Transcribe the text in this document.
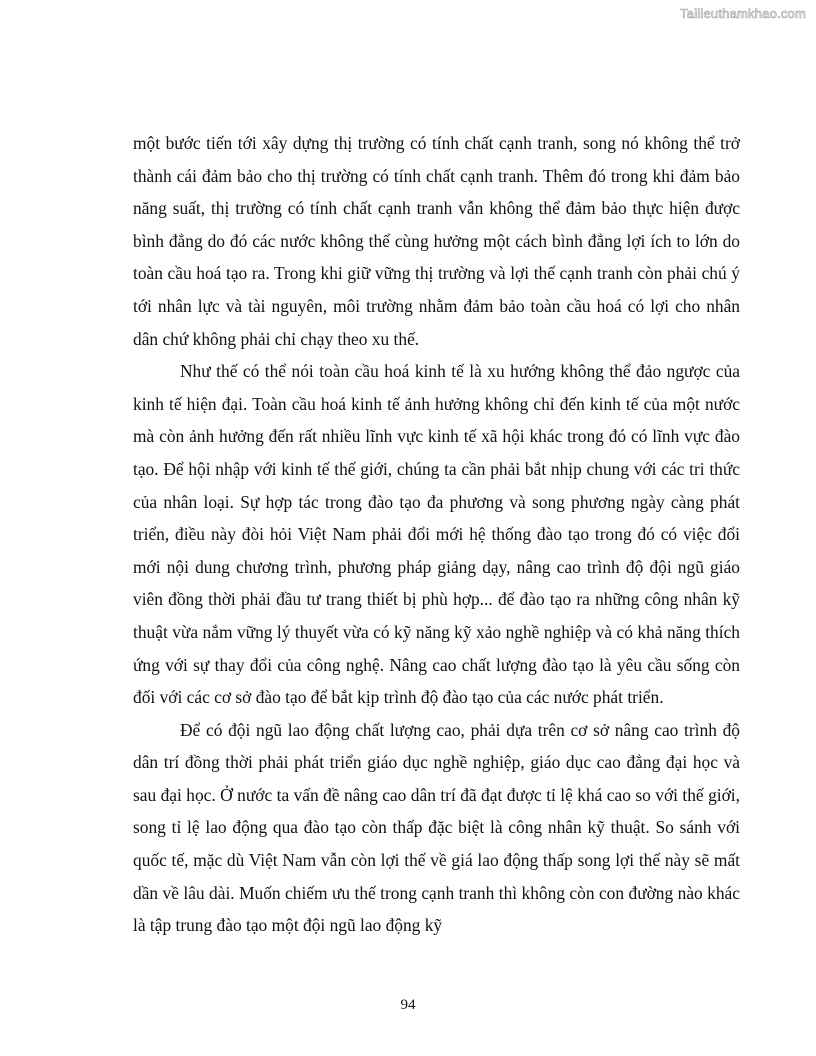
Tailieuthamkhao.com

một bước tiến tới xây dựng thị trường có tính chất cạnh tranh, song nó không thể trở thành cái đảm bảo cho thị trường có tính chất cạnh tranh. Thêm đó trong khi đảm bảo năng suất, thị trường có tính chất cạnh tranh vẫn không thể đảm bảo thực hiện được bình đẳng do đó các nước không thể cùng hưởng một cách bình đẳng lợi ích to lớn do toàn cầu hoá tạo ra. Trong khi giữ vững thị trường và lợi thế cạnh tranh còn phải chú ý tới nhân lực và tài nguyên, môi trường nhằm đảm bảo toàn cầu hoá có lợi cho nhân dân chứ không phải chỉ chạy theo xu thế.

Như thế có thể nói toàn cầu hoá kinh tế là xu hướng không thể đảo ngược của kinh tế hiện đại. Toàn cầu hoá kinh tế ảnh hưởng không chỉ đến kinh tế của một nước mà còn ảnh hưởng đến rất nhiều lĩnh vực kinh tế xã hội khác trong đó có lĩnh vực đào tạo. Để hội nhập với kinh tế thế giới, chúng ta cần phải bắt nhịp chung với các tri thức của nhân loại. Sự hợp tác trong đào tạo đa phương và song phương ngày càng phát triển, điều này đòi hỏi Việt Nam phải đổi mới hệ thống đào tạo trong đó có việc đổi mới nội dung chương trình, phương pháp giảng dạy, nâng cao trình độ đội ngũ giáo viên đồng thời phải đầu tư trang thiết bị phù hợp... để đào tạo ra những công nhân kỹ thuật vừa nắm vững lý thuyết vừa có kỹ năng kỹ xảo nghề nghiệp và có khả năng thích ứng với sự thay đổi của công nghệ. Nâng cao chất lượng đào tạo là yêu cầu sống còn đối với các cơ sở đào tạo để bắt kịp trình độ đào tạo của các nước phát triển.

Để có đội ngũ lao động chất lượng cao, phải dựa trên cơ sở nâng cao trình độ dân trí đồng thời phải phát triển giáo dục nghề nghiệp, giáo dục cao đẳng đại học và sau đại học. Ở nước ta vấn đề nâng cao dân trí đã đạt được tỉ lệ khá cao so với thế giới, song tỉ lệ lao động qua đào tạo còn thấp đặc biệt là công nhân kỹ thuật. So sánh với quốc tế, mặc dù Việt Nam vẫn còn lợi thế về giá lao động thấp song lợi thế này sẽ mất dần về lâu dài. Muốn chiếm ưu thế trong cạnh tranh thì không còn con đường nào khác là tập trung đào tạo một đội ngũ lao động kỹ

94
